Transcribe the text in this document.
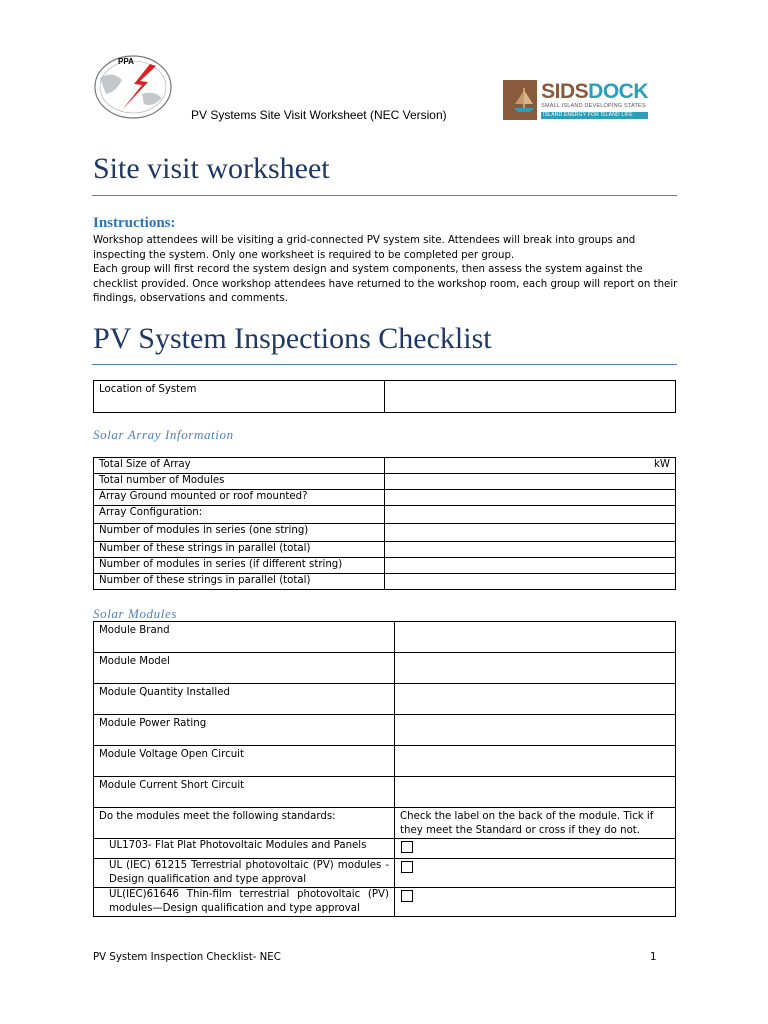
PPA
SIDSDOCK
SMALL ISLAND DEVELOPING STATES
ISLAND ENERGY FOR ISLAND LIFE
PV Systems Site Visit Worksheet (NEC Version)
Site visit worksheet
Instructions:

Workshop attendees will be visiting a grid-connected PV system site. Attendees will break into groups and inspecting the system. Only one worksheet is required to be completed per group.

Each group will first record the system design and system components, then assess the system against the checklist provided. Once workshop attendees have returned to the workshop room, each group will report on their findings, observations and comments.

PV System Inspections Checklist
Location of System	
Solar Array Information
Total Size of Array	kW
Total number of Modules	
Array Ground mounted or roof mounted?	
Array Configuration:	
Number of modules in series (one string)	
Number of these strings in parallel (total)	
Number of modules in series (if different string)	
Number of these strings in parallel (total)	
Solar Modules
Module Brand	
Module Model	
Module Quantity Installed	
Module Power Rating	
Module Voltage Open Circuit	
Module Current Short Circuit	
Do the modules meet the following standards:	Check the label on the back of the module. Tick if they meet the Standard or cross if they do not.
UL1703- Flat Plat Photovoltaic Modules and Panels	
UL (IEC) 61215 Terrestrial photovoltaic (PV) modules - Design qualification and type approval	
UL(IEC)61646 Thin-film terrestrial photovoltaic (PV) modules—Design qualification and type approval	
PV System Inspection Checklist- NEC	1
